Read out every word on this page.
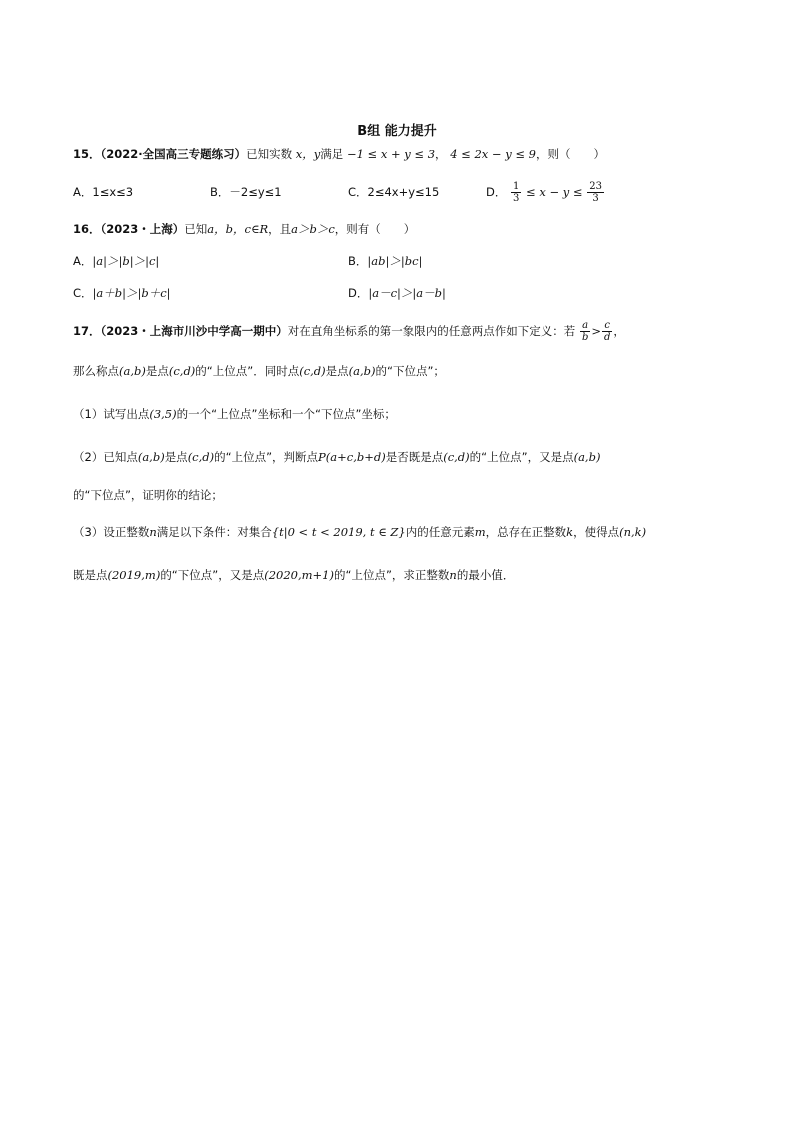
B组 能力提升
15．（2022·全国高三专题练习）已知实数 x，y满足 −1 ≤ x + y ≤ 3， 4 ≤ 2x − y ≤ 9，则（　　）
A．1≤x≤3	B．－2≤y≤1	C．2≤4x+y≤15	D． $\frac{1}{3} \le x - y \le \frac{23}{3}$
16．（2023・上海）已知a，b，c∈R，且a＞b＞c，则有（　　）
A．|a|＞|b|＞|c|	B．|ab|＞|bc|
C．|a＋b|＞|b＋c|	D．|a－c|＞|a－b|
17．（2023・上海市川沙中学高一期中）对在直角坐标系的第一象限内的任意两点作如下定义：若 $\frac{a}{b} > \frac{c}{d}$ ，
那么称点(a,b)是点(c,d)的“上位点”．同时点(c,d)是点(a,b)的“下位点”；
（1）试写出点(3,5)的一个“上位点”坐标和一个“下位点”坐标；
（2）已知点(a,b)是点(c,d)的“上位点”，判断点P(a+c,b+d)是否既是点(c,d)的“上位点”，又是点(a,b)
的“下位点”，证明你的结论；
（3）设正整数n满足以下条件：对集合{t|0 < t < 2019, t ∈ Z}内的任意元素m，总存在正整数k，使得点(n,k)
既是点(2019,m)的“下位点”，又是点(2020,m+1)的“上位点”，求正整数n的最小值．
